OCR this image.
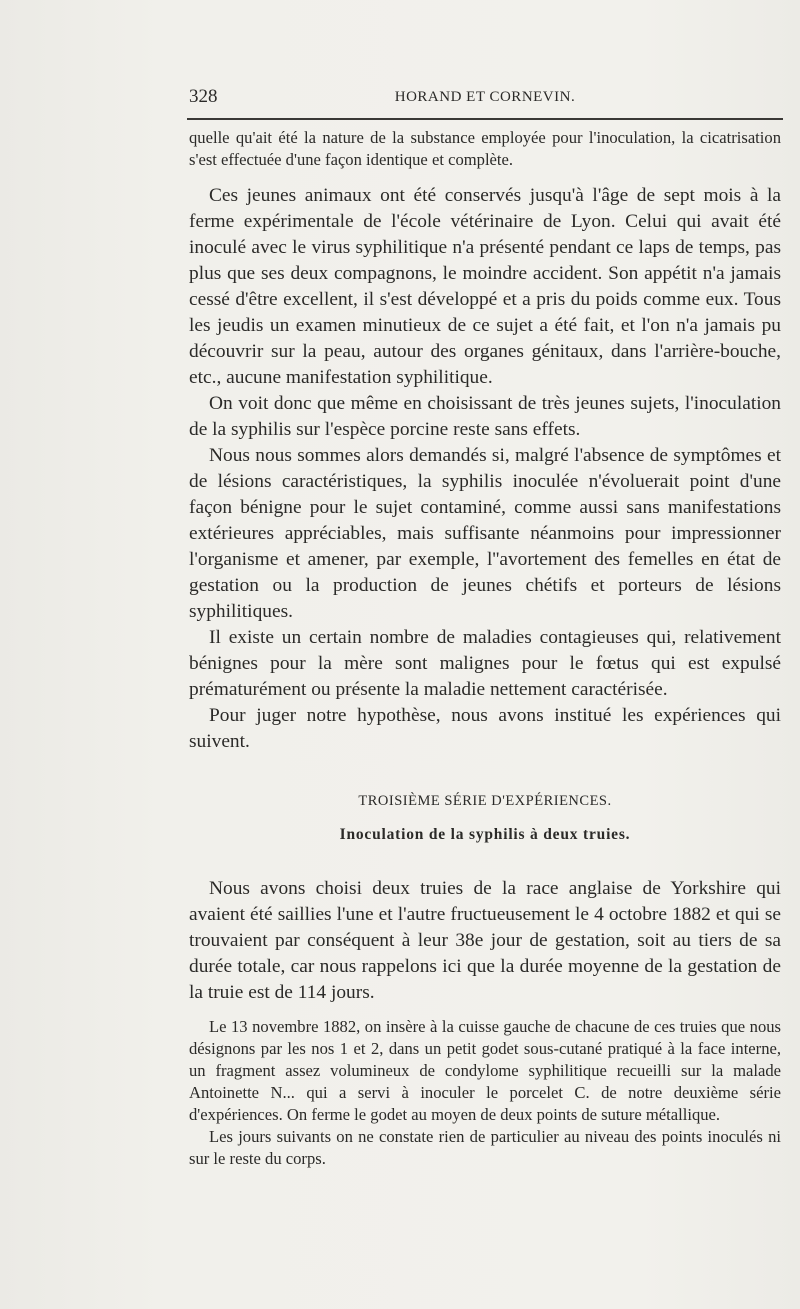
328	HORAND ET CORNEVIN.

quelle qu'ait été la nature de la substance employée pour l'inoculation, la cicatrisation s'est effectuée d'une façon identique et complète.

Ces jeunes animaux ont été conservés jusqu'à l'âge de sept mois à la ferme expérimentale de l'école vétérinaire de Lyon. Celui qui avait été inoculé avec le virus syphilitique n'a présenté pendant ce laps de temps, pas plus que ses deux compagnons, le moindre accident. Son appétit n'a jamais cessé d'être excellent, il s'est développé et a pris du poids comme eux. Tous les jeudis un examen minutieux de ce sujet a été fait, et l'on n'a jamais pu découvrir sur la peau, autour des organes génitaux, dans l'arrière-bouche, etc., aucune manifestation syphilitique.

On voit donc que même en choisissant de très jeunes sujets, l'inoculation de la syphilis sur l'espèce porcine reste sans effets.

Nous nous sommes alors demandés si, malgré l'absence de symptômes et de lésions caractéristiques, la syphilis inoculée n'évoluerait point d'une façon bénigne pour le sujet contaminé, comme aussi sans manifestations extérieures appréciables, mais suffisante néanmoins pour impressionner l'organisme et amener, par exemple, l''avortement des femelles en état de gestation ou la production de jeunes chétifs et porteurs de lésions syphilitiques.

Il existe un certain nombre de maladies contagieuses qui, relativement bénignes pour la mère sont malignes pour le fœtus qui est expulsé prématurément ou présente la maladie nettement caractérisée.

Pour juger notre hypothèse, nous avons institué les expériences qui suivent.

TROISIÈME SÉRIE D'EXPÉRIENCES.
Inoculation de la syphilis à deux truies.

Nous avons choisi deux truies de la race anglaise de Yorkshire qui avaient été saillies l'une et l'autre fructueusement le 4 octobre 1882 et qui se trouvaient par conséquent à leur 38e jour de gestation, soit au tiers de sa durée totale, car nous rappelons ici que la durée moyenne de la gestation de la truie est de 114 jours.

Le 13 novembre 1882, on insère à la cuisse gauche de chacune de ces truies que nous désignons par les nos 1 et 2, dans un petit godet sous-cutané pratiqué à la face interne, un fragment assez volumineux de condylome syphilitique recueilli sur la malade Antoinette N... qui a servi à inoculer le porcelet C. de notre deuxième série d'expériences. On ferme le godet au moyen de deux points de suture métallique.

Les jours suivants on ne constate rien de particulier au niveau des points inoculés ni sur le reste du corps.
